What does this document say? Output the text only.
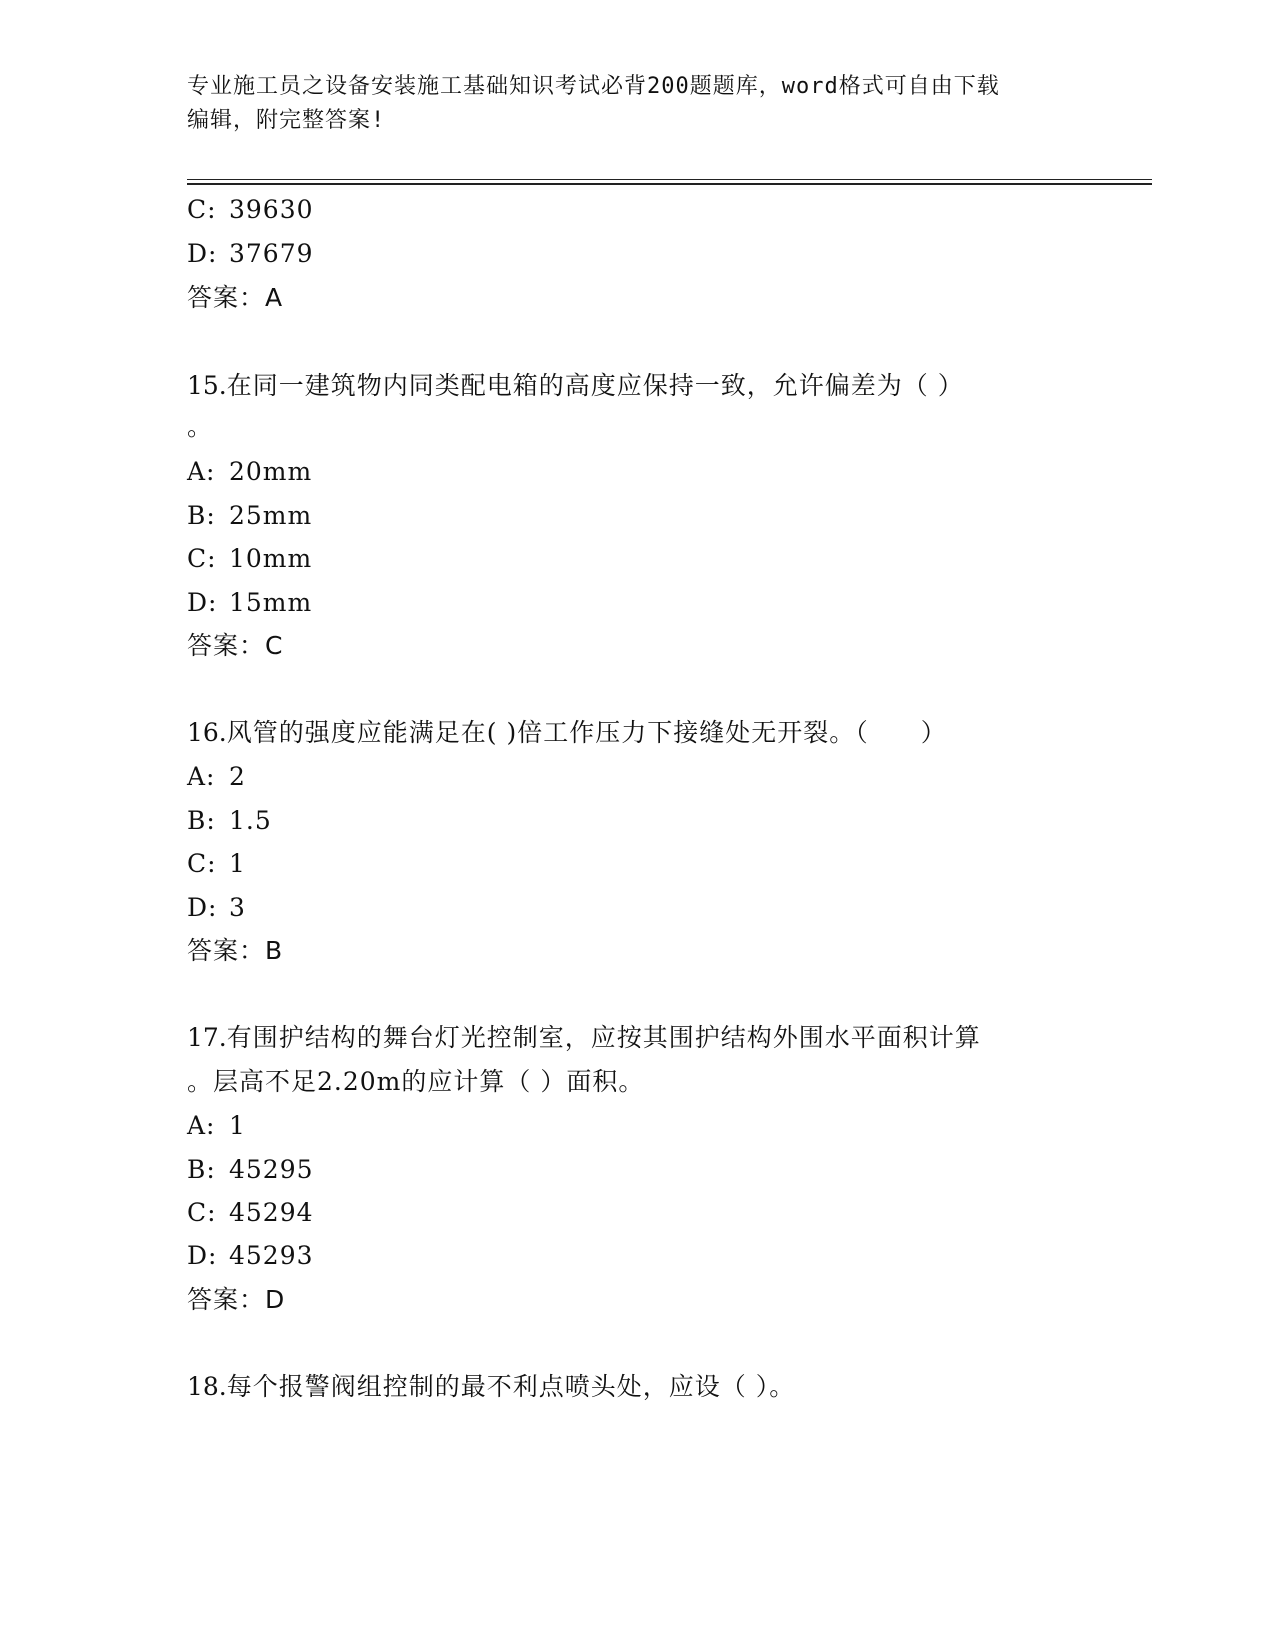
专业施工员之设备安装施工基础知识考试必背200题题库，word格式可自由下载
编辑，附完整答案!
C: 39630
D: 37679
答案：A
15.在同一建筑物内同类配电箱的高度应保持一致，允许偏差为（ ）
。
A: 20mm
B: 25mm
C: 10mm
D: 15mm
答案：C
16.风管的强度应能满足在( )倍工作压力下接缝处无开裂。（　　）
A: 2
B: 1.5
C: 1
D: 3
答案：B
17.有围护结构的舞台灯光控制室，应按其围护结构外围水平面积计算
。层高不足2.20m的应计算（ ）面积。
A: 1
B: 45295
C: 45294
D: 45293
答案：D
18.每个报警阀组控制的最不利点喷头处，应设（ ）。
